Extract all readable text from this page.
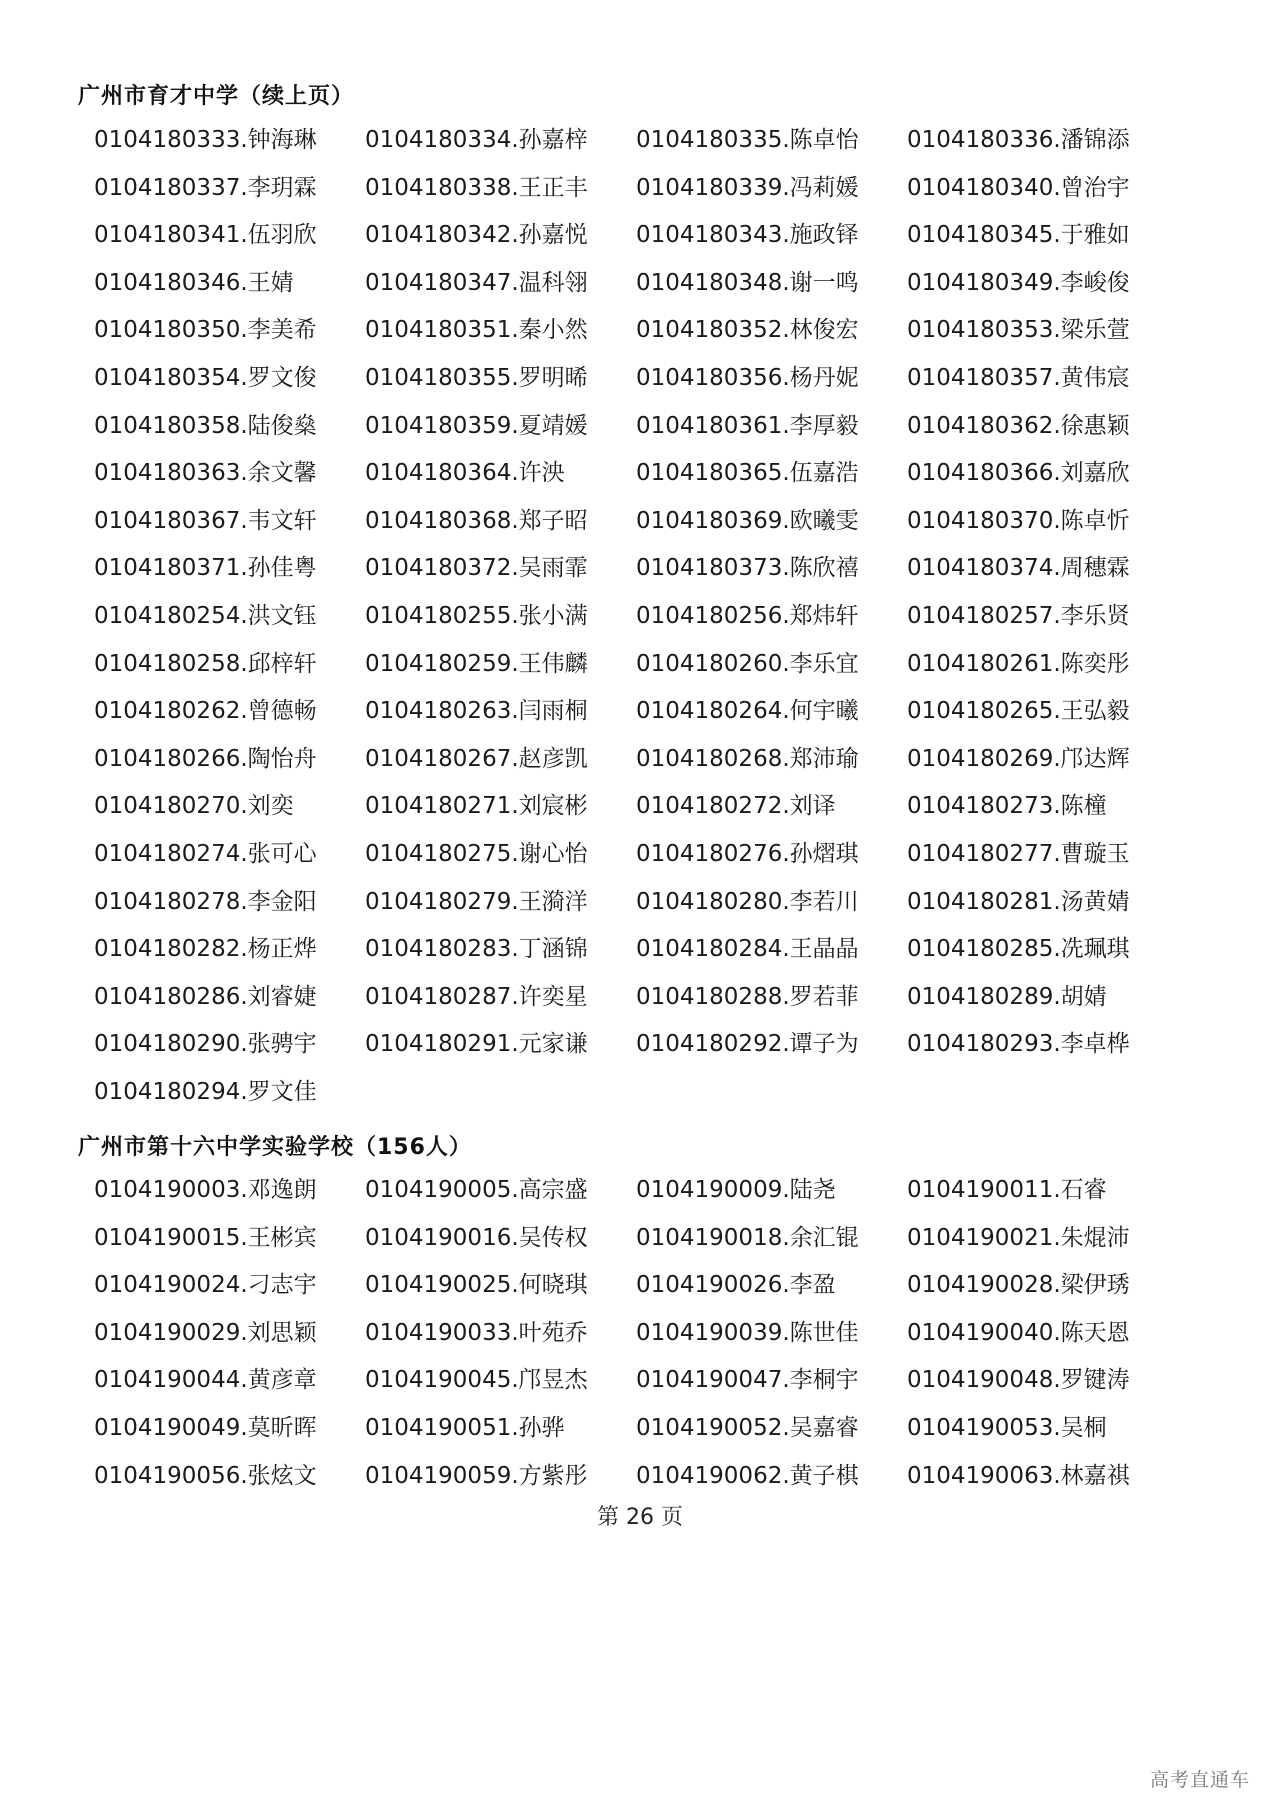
广州市育才中学（续上页）
0104180333.钟海琳 0104180334.孙嘉梓 0104180335.陈卓怡 0104180336.潘锦添
0104180337.李玥霖 0104180338.王正丰 0104180339.冯莉媛 0104180340.曾治宇
0104180341.伍羽欣 0104180342.孙嘉悦 0104180343.施政铎 0104180345.于雅如
0104180346.王婧	0104180347.温科翎 0104180348.谢一鸣 0104180349.李峻俊
0104180350.李美希 0104180351.秦小然 0104180352.林俊宏 0104180353.梁乐萱
0104180354.罗文俊 0104180355.罗明晞 0104180356.杨丹妮 0104180357.黄伟宸
0104180358.陆俊燊 0104180359.夏靖媛 0104180361.李厚毅 0104180362.徐惠颖
0104180363.余文馨 0104180364.许泱	0104180365.伍嘉浩 0104180366.刘嘉欣
0104180367.韦文轩 0104180368.郑子昭 0104180369.欧曦雯 0104180370.陈卓忻
0104180371.孙佳粤 0104180372.吴雨霏 0104180373.陈欣禧 0104180374.周穗霖
0104180254.洪文钰 0104180255.张小满 0104180256.郑炜轩 0104180257.李乐贤
0104180258.邱梓轩 0104180259.王伟麟 0104180260.李乐宜 0104180261.陈奕彤
0104180262.曾德畅 0104180263.闫雨桐 0104180264.何宇曦 0104180265.王弘毅
0104180266.陶怡舟 0104180267.赵彦凯 0104180268.郑沛瑜 0104180269.邝达辉
0104180270.刘奕	0104180271.刘宸彬 0104180272.刘译	0104180273.陈橦
0104180274.张可心 0104180275.谢心怡 0104180276.孙熠琪 0104180277.曹璇玉
0104180278.李金阳 0104180279.王漪洋 0104180280.李若川 0104180281.汤黄婧
0104180282.杨正烨 0104180283.丁涵锦 0104180284.王晶晶 0104180285.冼珮琪
0104180286.刘睿婕 0104180287.许奕星 0104180288.罗若菲 0104180289.胡婧
0104180290.张骋宇 0104180291.元家谦 0104180292.谭子为 0104180293.李卓桦
0104180294.罗文佳
广州市第十六中学实验学校（156人）
0104190003.邓逸朗 0104190005.高宗盛 0104190009.陆尧	0104190011.石睿
0104190015.王彬宾 0104190016.吴传权 0104190018.余汇锟 0104190021.朱焜沛
0104190024.刁志宇 0104190025.何晓琪 0104190026.李盈	0104190028.梁伊琇
0104190029.刘思颖 0104190033.叶苑乔 0104190039.陈世佳 0104190040.陈天恩
0104190044.黄彦章 0104190045.邝昱杰 0104190047.李桐宇 0104190048.罗键涛
0104190049.莫昕晖 0104190051.孙骅	0104190052.吴嘉睿 0104190053.吴桐
0104190056.张炫文 0104190059.方紫彤 0104190062.黄子棋 0104190063.林嘉祺
第 26 页
高考直通车
